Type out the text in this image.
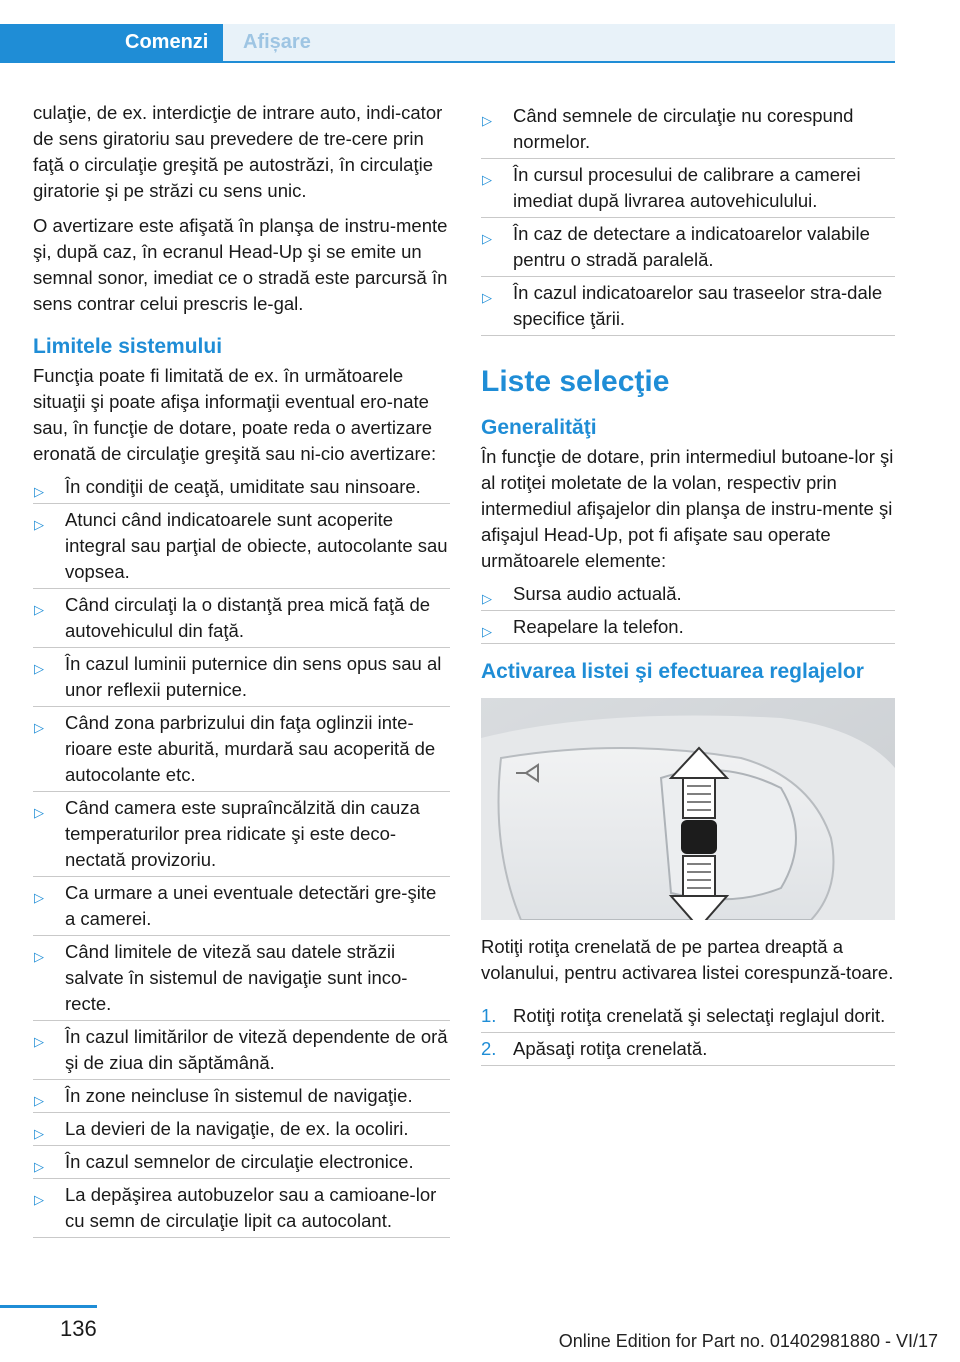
Comenzi	Afișare

culaţie, de ex. interdicţie de intrare auto, indi‐cator de sens giratoriu sau prevedere de tre‐cere prin faţă o circulaţie greşită pe autostrăzi, în circulaţie giratorie şi pe străzi cu sens unic.

O avertizare este afişată în planşa de instru‐mente şi, după caz, în ecranul Head-Up şi se emite un semnal sonor, imediat ce o stradă este parcursă în sens contrar celui prescris le‐gal.

Limitele sistemului

Funcţia poate fi limitată de ex. în următoarele situaţii şi poate afişa informaţii eventual ero‐nate sau, în funcţie de dotare, poate reda o avertizare eronată de circulaţie greşită sau ni‐cio avertizare:

▷ În condiţii de ceaţă, umiditate sau ninsoare.
▷ Atunci când indicatoarele sunt acoperite integral sau parţial de obiecte, autocolante sau vopsea.
▷ Când circulaţi la o distanţă prea mică faţă de autovehiculul din faţă.
▷ În cazul luminii puternice din sens opus sau al unor reflexii puternice.
▷ Când zona parbrizului din faţa oglinzii inte‐rioare este aburită, murdară sau acoperită de autocolante etc.
▷ Când camera este supraîncălzită din cauza temperaturilor prea ridicate şi este deco‐nectată provizoriu.
▷ Ca urmare a unei eventuale detectări gre‐şite a camerei.
▷ Când limitele de viteză sau datele străzii salvate în sistemul de navigaţie sunt inco‐recte.
▷ În cazul limitărilor de viteză dependente de oră şi de ziua din săptămână.
▷ În zone neincluse în sistemul de navigaţie.
▷ La devieri de la navigaţie, de ex. la ocoliri.
▷ În cazul semnelor de circulaţie electronice.
▷ La depăşirea autobuzelor sau a camioane‐lor cu semn de circulaţie lipit ca autocolant.
▷ Când semnele de circulaţie nu corespund normelor.
▷ În cursul procesului de calibrare a camerei imediat după livrarea autovehiculului.
▷ În caz de detectare a indicatoarelor valabile pentru o stradă paralelă.
▷ În cazul indicatoarelor sau traseelor stra‐dale specifice ţării.
Liste selecţie
Generalităţi

În funcţie de dotare, prin intermediul butoane‐lor şi al rotiţei moletate de la volan, respectiv prin intermediul afişajelor din planşa de instru‐mente şi afişajul Head-Up, pot fi afişate sau operate următoarele elemente:

▷ Sursa audio actuală.
▷ Reapelare la telefon.
Activarea listei şi efectuarea reglajelor

Rotiţi rotiţa crenelată de pe partea dreaptă a volanului, pentru activarea listei corespunză‐toare.

1. Rotiţi rotiţa crenelată şi selectaţi reglajul dorit.
2. Apăsaţi rotiţa crenelată.
136	Online Edition for Part no. 01402981880 - VI/17
